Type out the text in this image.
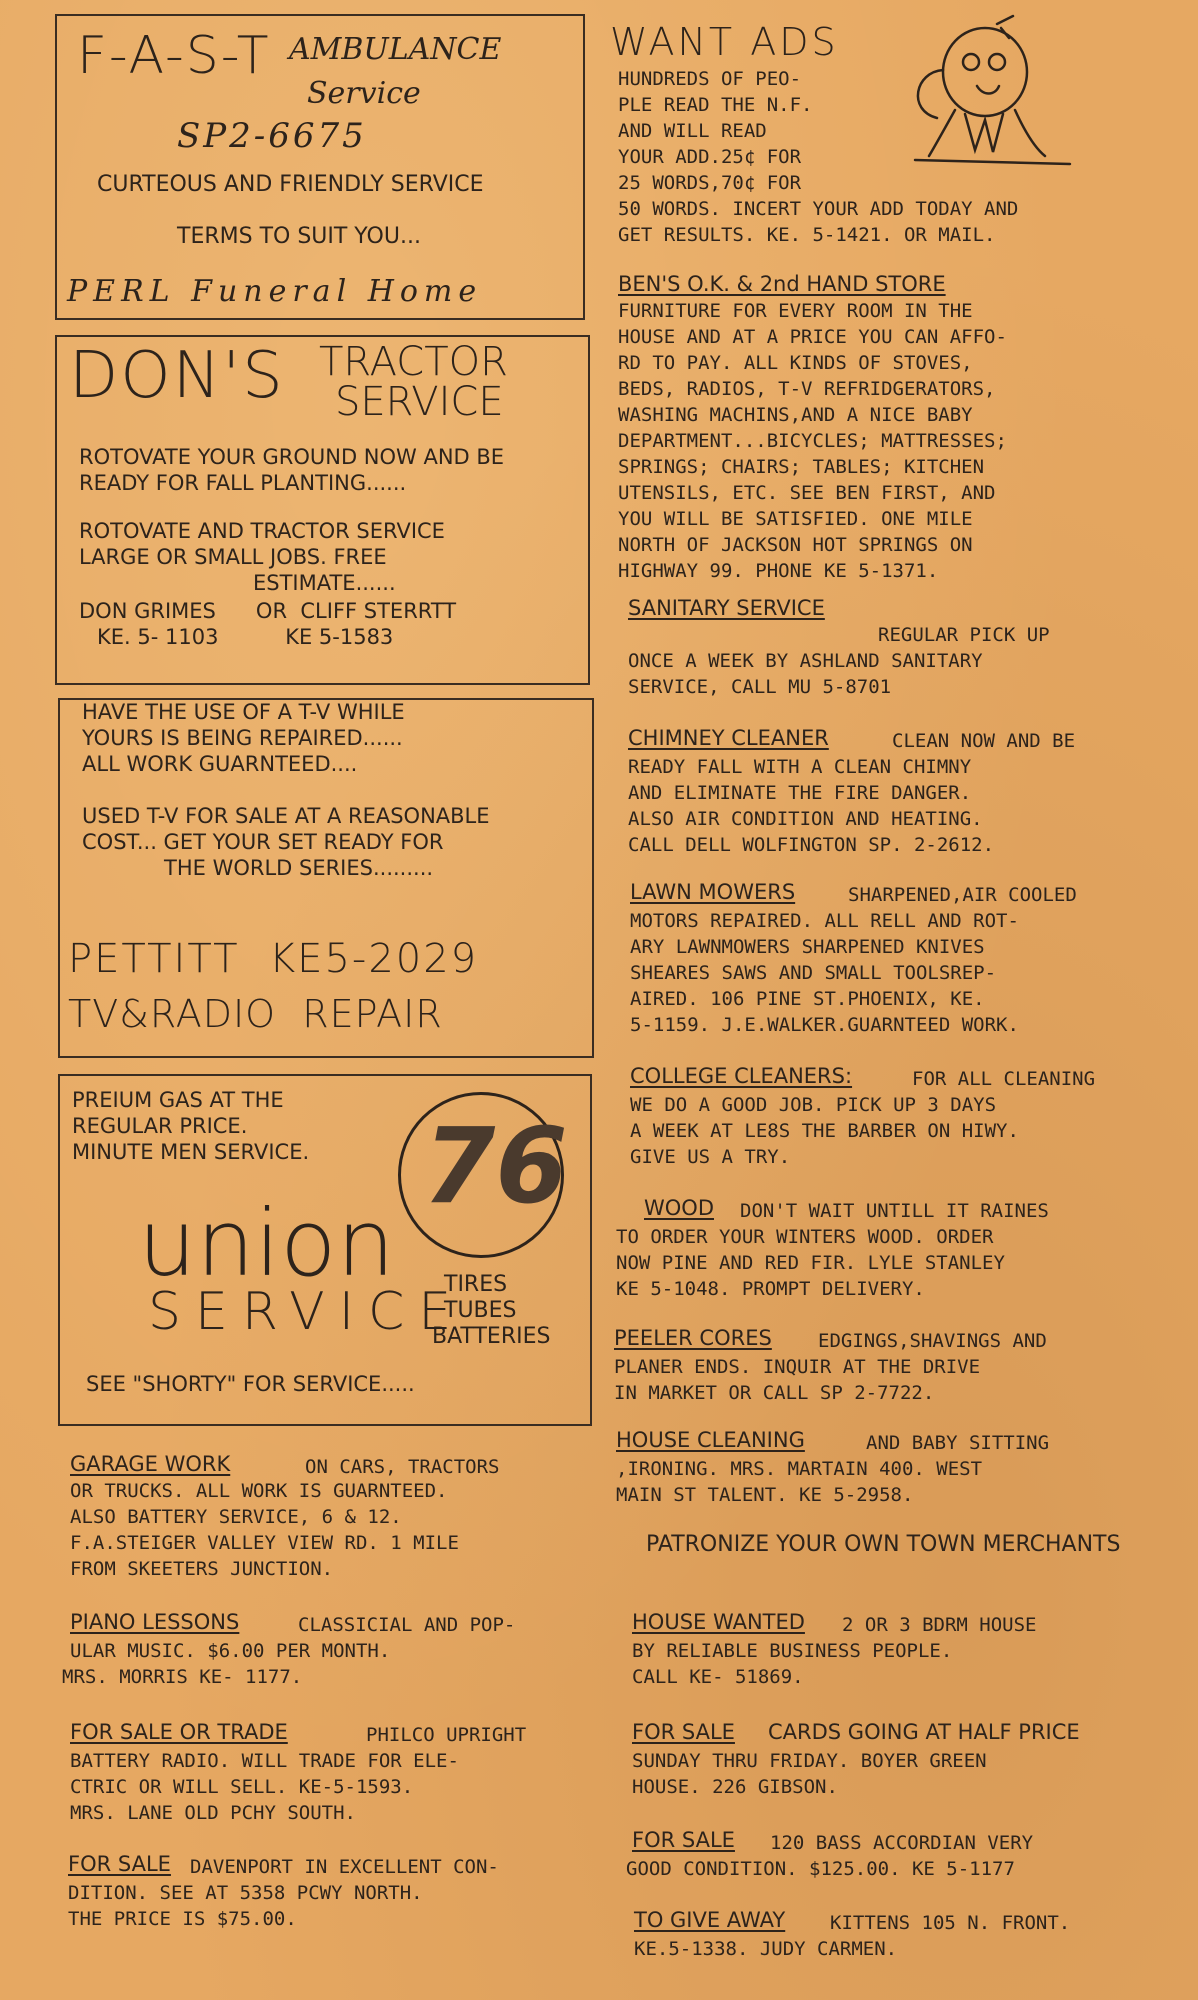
F-A-S-T AMBULANCE
Service
SP2-6675
CURTEOUS AND FRIENDLY SERVICE
TERMS TO SUIT YOU...
PERL Funeral Home
DON'S TRACTOR
SERVICE
ROTOVATE YOUR GROUND NOW AND BE
READY FOR FALL PLANTING......
ROTOVATE AND TRACTOR SERVICE
LARGE OR SMALL JOBS. FREE
ESTIMATE......
DON GRIMES      OR  CLIFF STERRTT
KE. 5- 1103          KE 5-1583
HAVE THE USE OF A T-V WHILE
YOURS IS BEING REPAIRED......
ALL WORK GUARNTEED....
USED T-V FOR SALE AT A REASONABLE
COST... GET YOUR SET READY FOR
THE WORLD SERIES.........
PETTITT  KE5-2029
TV&RADIO  REPAIR
PREIUM GAS AT THE
REGULAR PRICE.
MINUTE MEN SERVICE. 76
union
SERVICE
TIRES
TUBES
BATTERIES
SEE "SHORTY" FOR SERVICE.....
GARAGE WORK	ON CARS, TRACTORS
OR TRUCKS. ALL WORK IS GUARNTEED.
ALSO BATTERY SERVICE, 6 & 12.
F.A.STEIGER VALLEY VIEW RD. 1 MILE
FROM SKEETERS JUNCTION.
PIANO LESSONS	CLASSICIAL AND POP-
ULAR MUSIC. $6.00 PER MONTH.
MRS. MORRIS KE- 1177.
FOR SALE OR TRADE	PHILCO UPRIGHT
BATTERY RADIO. WILL TRADE FOR ELE-
CTRIC OR WILL SELL. KE-5-1593.
MRS. LANE OLD PCHY SOUTH.
FOR SALE DAVENPORT IN EXCELLENT CON-
DITION. SEE AT 5358 PCWY NORTH.
THE PRICE IS $75.00.
WANT ADS
HUNDREDS OF PEO-
PLE READ THE N.F.
AND WILL READ
YOUR ADD.25¢ FOR
25 WORDS,70¢ FOR
50 WORDS. INCERT YOUR ADD TODAY AND
GET RESULTS. KE. 5-1421. OR MAIL.
BEN'S O.K. & 2nd HAND STORE
FURNITURE FOR EVERY ROOM IN THE
HOUSE AND AT A PRICE YOU CAN AFFO-
RD TO PAY. ALL KINDS OF STOVES,
BEDS, RADIOS, T-V REFRIDGERATORS,
WASHING MACHINS,AND A NICE BABY
DEPARTMENT...BICYCLES; MATTRESSES;
SPRINGS; CHAIRS; TABLES; KITCHEN
UTENSILS, ETC. SEE BEN FIRST, AND
YOU WILL BE SATISFIED. ONE MILE
NORTH OF JACKSON HOT SPRINGS ON
HIGHWAY 99. PHONE KE 5-1371.
SANITARY SERVICE
REGULAR PICK UP
ONCE A WEEK BY ASHLAND SANITARY
SERVICE, CALL MU 5-8701
CHIMNEY CLEANER	CLEAN NOW AND BE
READY FALL WITH A CLEAN CHIMNY
AND ELIMINATE THE FIRE DANGER.
ALSO AIR CONDITION AND HEATING.
CALL DELL WOLFINGTON SP. 2-2612.
LAWN MOWERS	SHARPENED,AIR COOLED
MOTORS REPAIRED. ALL RELL AND ROT-
ARY LAWNMOWERS SHARPENED KNIVES
SHEARES SAWS AND SMALL TOOLSREP-
AIRED. 106 PINE ST.PHOENIX, KE.
5-1159. J.E.WALKER.GUARNTEED WORK.
COLLEGE CLEANERS:	FOR ALL CLEANING
WE DO A GOOD JOB. PICK UP 3 DAYS
A WEEK AT LE8S THE BARBER ON HIWY.
GIVE US A TRY.
WOOD DON'T WAIT UNTILL IT RAINES
TO ORDER YOUR WINTERS WOOD. ORDER
NOW PINE AND RED FIR. LYLE STANLEY
KE 5-1048. PROMPT DELIVERY.
PEELER CORES EDGINGS,SHAVINGS AND
PLANER ENDS. INQUIR AT THE DRIVE
IN MARKET OR CALL SP 2-7722.
HOUSE CLEANING	AND BABY SITTING
,IRONING. MRS. MARTAIN 400. WEST
MAIN ST TALENT. KE 5-2958.
PATRONIZE YOUR OWN TOWN MERCHANTS
HOUSE WANTED 2 OR 3 BDRM HOUSE
BY RELIABLE BUSINESS PEOPLE.
CALL KE- 51869.
FOR SALE CARDS GOING AT HALF PRICE
SUNDAY THRU FRIDAY. BOYER GREEN
HOUSE. 226 GIBSON.
FOR SALE 120 BASS ACCORDIAN VERY
GOOD CONDITION. $125.00. KE 5-1177
TO GIVE AWAY KITTENS 105 N. FRONT.
KE.5-1338. JUDY CARMEN.
